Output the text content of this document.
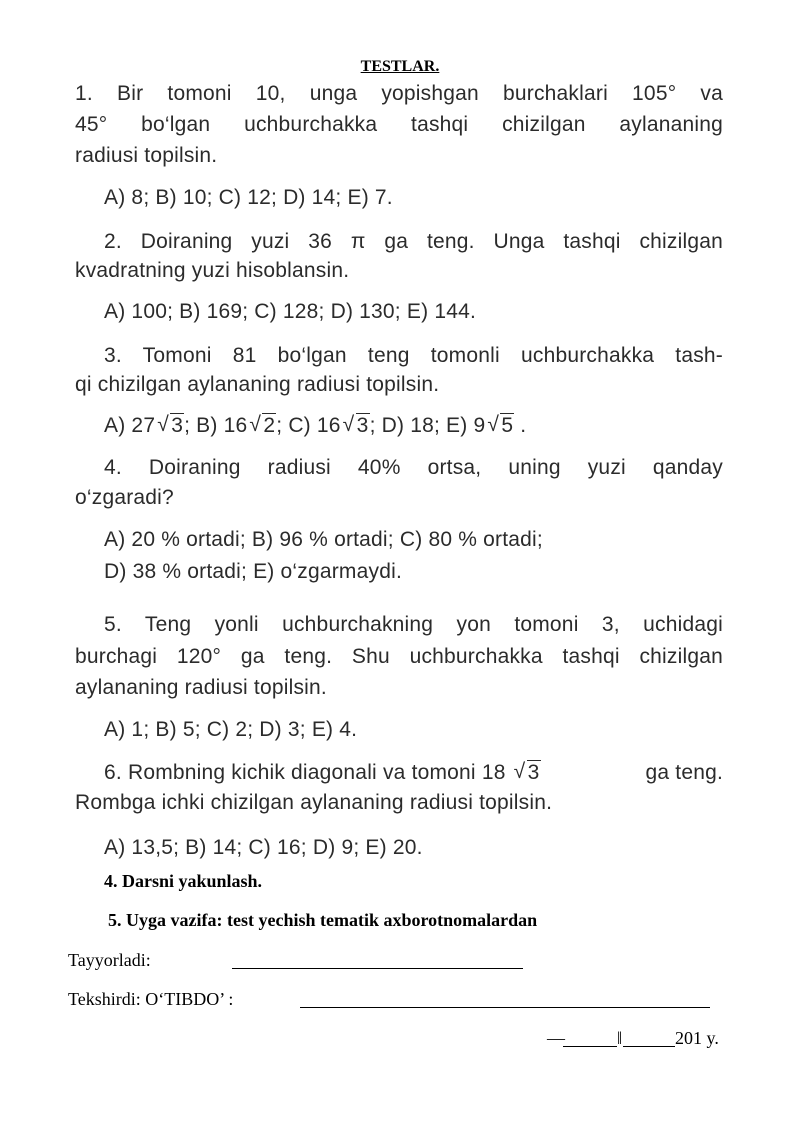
TESTLAR.
1. Bir tomoni 10, unga yopishgan burchaklari 105° va
45° bo‘lgan uchburchakka tashqi chizilgan aylananing
radiusi topilsin.
A) 8; B) 10; C) 12; D) 14; E) 7.
2. Doiraning yuzi 36 π ga teng. Unga tashqi chizilgan
kvadratning yuzi hisoblansin.
A) 100; B) 169; C) 128; D) 130; E) 144.
3. Tomoni 81 bo‘lgan teng tomonli uchburchakka tash-
qi chizilgan aylananing radiusi topilsin.
A) 27 √ 3; B) 16 √ 2; C) 16 √ 3; D) 18; E) 9 √ 5 .
4. Doiraning radiusi 40% ortsa, uning yuzi qanday
o‘zgaradi?
A) 20 % ortadi; B) 96 % ortadi; C) 80 % ortadi;
D) 38 % ortadi; E) o‘zgarmaydi.
5. Teng yonli uchburchakning yon tomoni 3, uchidagi
burchagi 120° ga teng. Shu uchburchakka tashqi chizilgan
aylananing radiusi topilsin.
A) 1; B) 5; C) 2; D) 3; E) 4.
6. Rombning kichik diagonali va tomoni 18 √ 3	ga teng.
Rombga ichki chizilgan aylananing radiusi topilsin.
A) 13,5; B) 14; C) 16; D) 9; E) 20.
4. Darsni yakunlash.
5. Uyga vazifa: test yechish tematik axborotnomalardan
Tayyorladi:
Tekshirdi: O‘TIBDO’ :
―	‖	201 y.
